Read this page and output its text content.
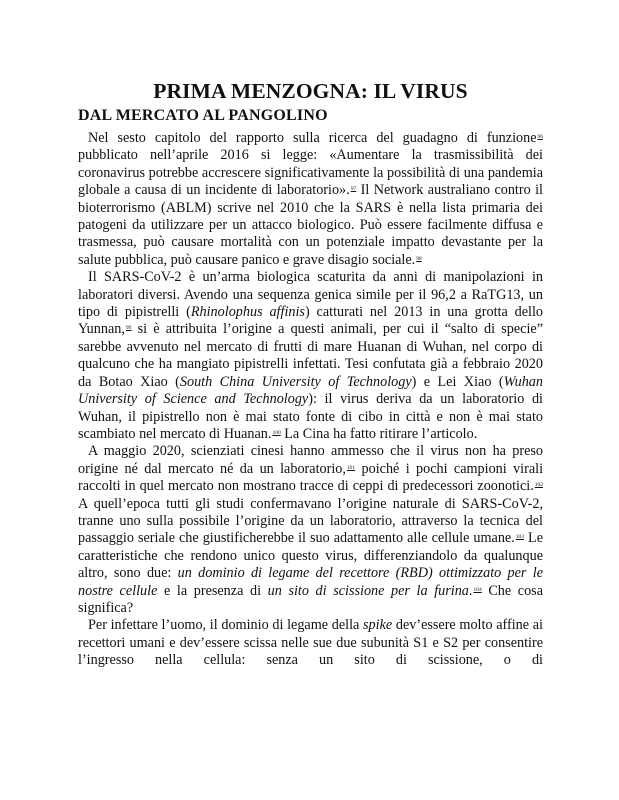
PRIMA MENZOGNA: IL VIRUS
DAL MERCATO AL PANGOLINO

Nel sesto capitolo del rapporto sulla ricerca del guadagno di funzione$^{96}$ pubblicato nell’aprile 2016 si legge: «Aumentare la trasmissibilità dei coronavirus potrebbe accrescere significativamente la possibilità di una pandemia globale a causa di un incidente di laboratorio».$^{97}$ Il Network australiano contro il bioterrorismo (ABLM) scrive nel 2010 che la SARS è nella lista primaria dei patogeni da utilizzare per un attacco biologico. Può essere facilmente diffusa e trasmessa, può causare mortalità con un potenziale impatto devastante per la salute pubblica, può causare panico e grave disagio sociale.$^{98}$

Il SARS-CoV-2 è un’arma biologica scaturita da anni di manipolazioni in laboratori diversi. Avendo una sequenza genica simile per il 96,2 a RaTG13, un tipo di pipistrelli (Rhinolophus affinis) catturati nel 2013 in una grotta dello Yunnan,$^{99}$ si è attribuita l’origine a questi animali, per cui il “salto di specie” sarebbe avvenuto nel mercato di frutti di mare Huanan di Wuhan, nel corpo di qualcuno che ha mangiato pipistrelli infettati. Tesi confutata già a febbraio 2020 da Botao Xiao (South China University of Technology) e Lei Xiao (Wuhan University of Science and Technology): il virus deriva da un laboratorio di Wuhan, il pipistrello non è mai stato fonte di cibo in città e non è mai stato scambiato nel mercato di Huanan.$^{100}$ La Cina ha fatto ritirare l’articolo.

A maggio 2020, scienziati cinesi hanno ammesso che il virus non ha preso origine né dal mercato né da un laboratorio,$^{101}$ poiché i pochi campioni virali raccolti in quel mercato non mostrano tracce di ceppi di predecessori zoonotici.$^{102}$ A quell’epoca tutti gli studi confermavano l’origine naturale di SARS-CoV-2, tranne uno sulla possibile l’origine da un laboratorio, attraverso la tecnica del passaggio seriale che giustificherebbe il suo adattamento alle cellule umane.$^{103}$ Le caratteristiche che rendono unico questo virus, differenziandolo da qualunque altro, sono due: un dominio di legame del recettore (RBD) ottimizzato per le nostre cellule e la presenza di un sito di scissione per la furina.$^{104}$ Che cosa significa?

Per infettare l’uomo, il dominio di legame della spike dev’essere molto affine ai recettori umani e dev’essere scissa nelle sue due subunità S1 e S2 per consentire l’ingresso nella cellula: senza un sito di scissione, o di
